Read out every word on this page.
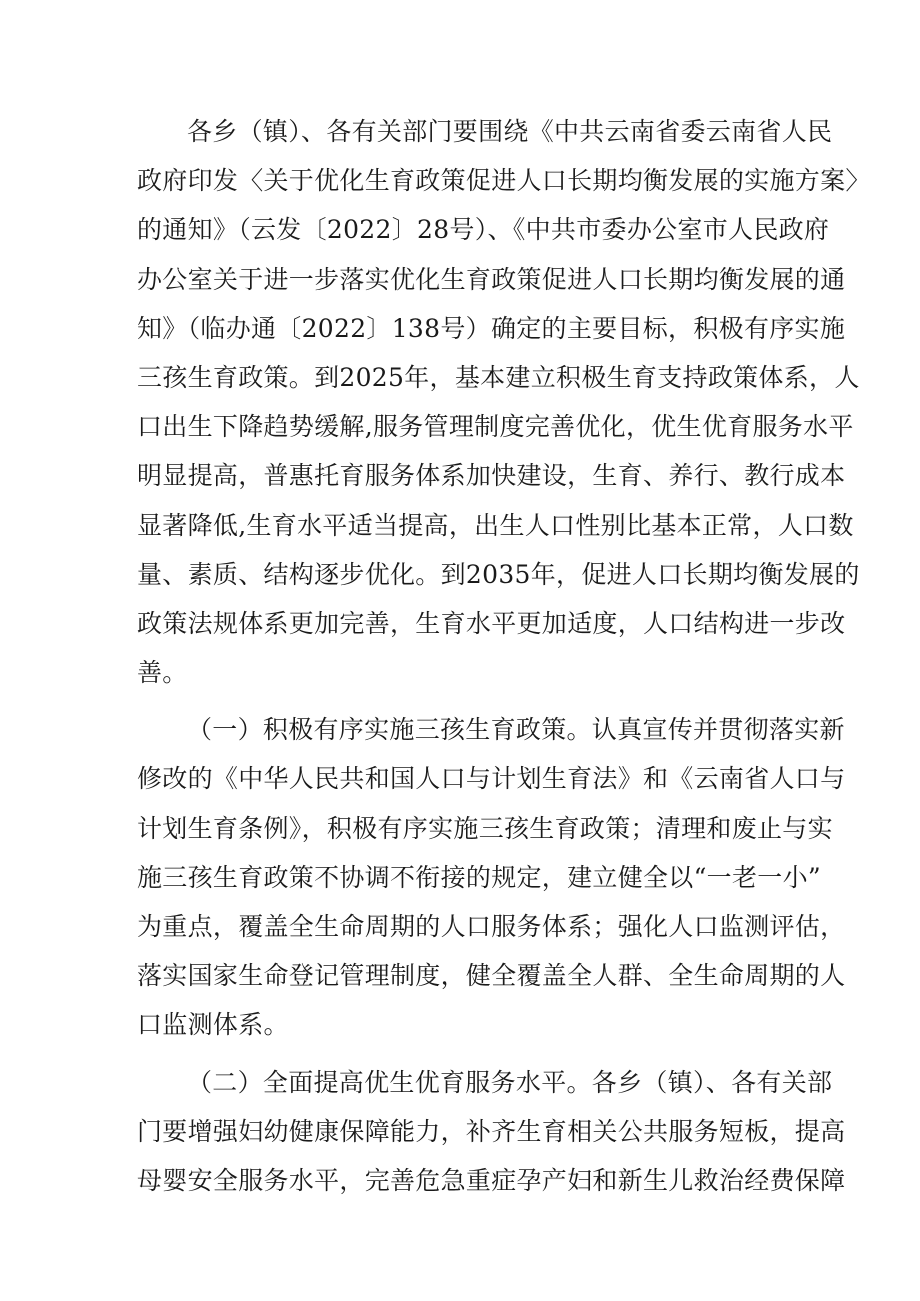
各乡（镇）、各有关部门要围绕《中共云南省委云南省人民
政府印发〈关于优化生育政策促进人口长期均衡发展的实施方案〉
的通知》（云发〔2022〕28号）、《中共市委办公室市人民政府
办公室关于进一步落实优化生育政策促进人口长期均衡发展的通
知》（临办通〔2022〕138号）确定的主要目标，积极有序实施
三孩生育政策。到2025年，基本建立积极生育支持政策体系，人
口出生下降趋势缓解,服务管理制度完善优化，优生优育服务水平
明显提高，普惠托育服务体系加快建设，生育、养行、教行成本
显著降低,生育水平适当提高，出生人口性别比基本正常，人口数
量、素质、结构逐步优化。到2035年，促进人口长期均衡发展的
政策法规体系更加完善，生育水平更加适度，人口结构进一步改
善。
（一）积极有序实施三孩生育政策。认真宣传并贯彻落实新
修改的《中华人民共和国人口与计划生育法》和《云南省人口与
计划生育条例》，积极有序实施三孩生育政策；清理和废止与实
施三孩生育政策不协调不衔接的规定，建立健全以“一老一小”
为重点，覆盖全生命周期的人口服务体系；强化人口监测评估，
落实国家生命登记管理制度，健全覆盖全人群、全生命周期的人
口监测体系。
（二）全面提高优生优育服务水平。各乡（镇）、各有关部
门要增强妇幼健康保障能力，补齐生育相关公共服务短板，提高
母婴安全服务水平，完善危急重症孕产妇和新生儿救治经费保障
